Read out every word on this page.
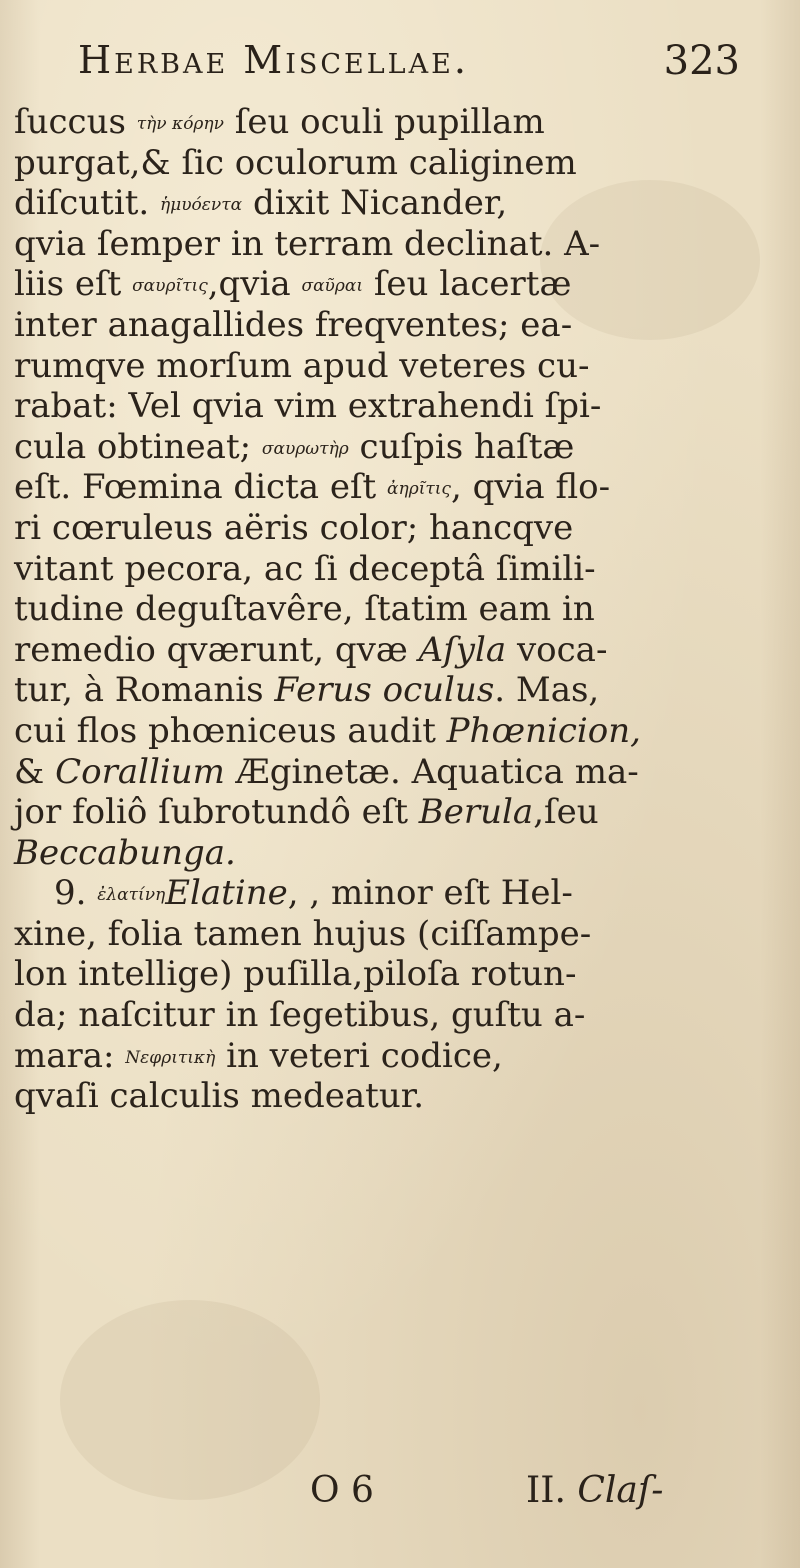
Herbae Miscellae.	323
ſuccus τὴν κόρην ſeu oculi pupillam
purgat,& ſic oculorum caliginem
diſcutit. ἡμυόεντα dixit Nicander,
qvia ſemper in terram declinat. A-
liis eſt σαυρῖτις,qvia σαῦραι ſeu lacertæ
inter anagallides freqventes; ea-
rumqve morſum apud veteres cu-
rabat: Vel qvia vim extrahendi ſpi-
cula obtineat; σαυρωτὴρ cuſpis haſtæ
eſt. Fœmina dicta eſt ἀηρῖτις, qvia flo-
ri cœruleus aëris color; hancqve
vitant pecora, ac ſi deceptâ ſimili-
tudine deguſtavêre, ſtatim eam in
remedio qværunt, qvæ Aſyla voca-
tur, à Romanis Ferus oculus. Mas,
cui flos phœniceus audit Phœnicion,
& Corallium Æginetæ. Aquatica ma-
jor foliô ſubrotundô eſt Berula,ſeu
Beccabunga.
9. ἐλατίνηElatine, , minor eſt Hel-
xine, folia tamen hujus (ciſſampe-
lon intellige) puſilla,piloſa rotun-
da; naſcitur in ſegetibus, guſtu a-
mara: Νεφριτικὴ in veteri codice,
qvaſi calculis medeatur.
O 6	II. Claſ-
